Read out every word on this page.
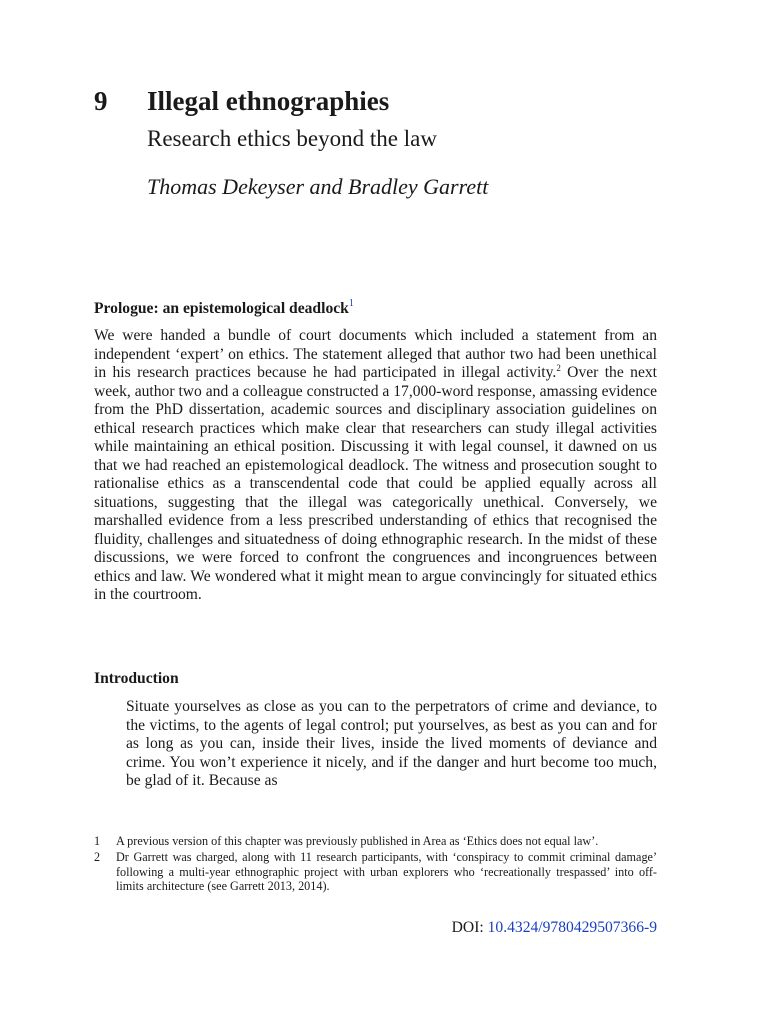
9 Illegal ethnographies
Research ethics beyond the law
Thomas Dekeyser and Bradley Garrett
Prologue: an epistemological deadlock$^1$

We were handed a bundle of court documents which included a statement from an independent ‘expert’ on ethics. The statement alleged that author two had been unethical in his research practices because he had participated in illegal activity.$^2$ Over the next week, author two and a colleague constructed a 17,000-word response, amassing evidence from the PhD dissertation, academic sources and disciplinary association guidelines on ethical research practices which make clear that researchers can study illegal activities while maintaining an ethical position. Discussing it with legal counsel, it dawned on us that we had reached an epistemological deadlock. The witness and prosecution sought to rationalise ethics as a transcendental code that could be applied equally across all situations, suggesting that the illegal was categorically unethical. Conversely, we marshalled evidence from a less prescribed understanding of ethics that recognised the fluidity, challenges and situatedness of doing ethnographic research. In the midst of these discussions, we were forced to confront the congruences and incongruences between ethics and law. We wondered what it might mean to argue convincingly for situated ethics in the courtroom.

Introduction

Situate yourselves as close as you can to the perpetrators of crime and deviance, to the victims, to the agents of legal control; put yourselves, as best as you can and for as long as you can, inside their lives, inside the lived moments of deviance and crime. You won’t experience it nicely, and if the danger and hurt become too much, be glad of it. Because as

1	A previous version of this chapter was previously published in Area as ‘Ethics does not equal law’.
2	Dr Garrett was charged, along with 11 research participants, with ‘conspiracy to commit criminal damage’ following a multi-year ethnographic project with urban explorers who ‘recreationally trespassed’ into off-limits architecture (see Garrett 2013, 2014).
DOI: 10.4324/9780429507366-9
